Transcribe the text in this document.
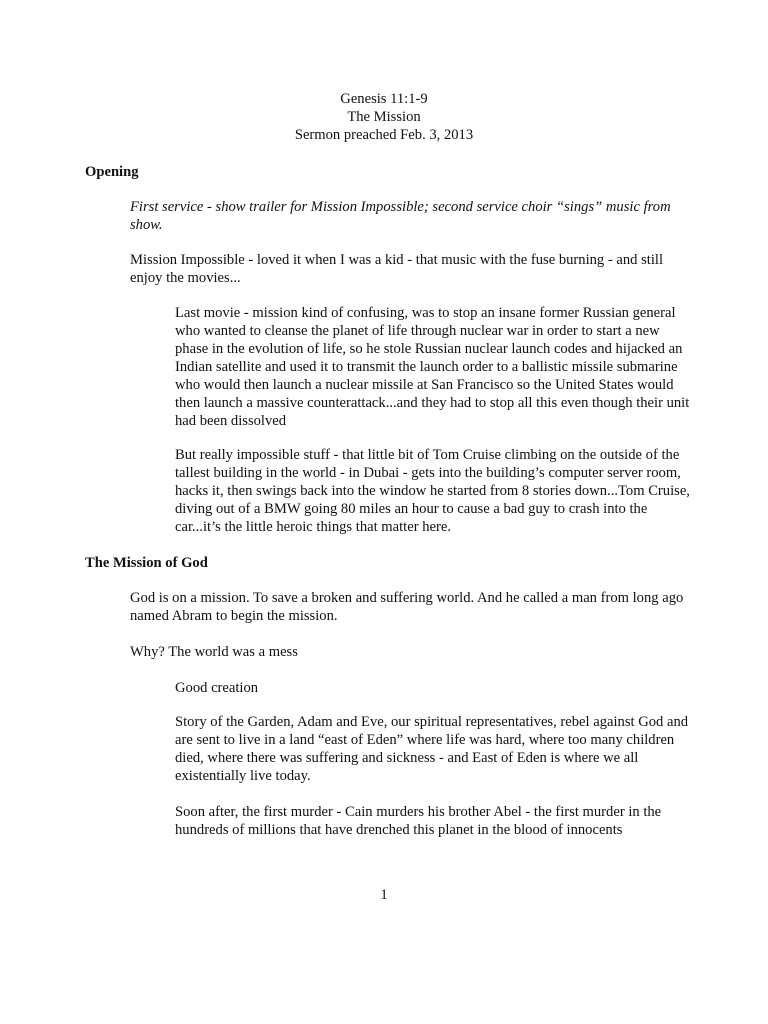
Genesis 11:1-9
The Mission
Sermon preached Feb. 3, 2013
Opening
First service - show trailer for Mission Impossible; second service choir “sings” music from show.
Mission Impossible - loved it when I was a kid - that music with the fuse burning - and still enjoy the movies...
Last movie - mission kind of confusing, was to stop an insane former Russian general who wanted to cleanse the planet of life through nuclear war in order to start a new phase in the evolution of life, so he stole Russian nuclear launch codes and hijacked an Indian satellite and used it to transmit the launch order to a ballistic missile submarine who would then launch a nuclear missile at San Francisco so the United States would then launch a massive counterattack...and they had to stop all this even though their unit had been dissolved
But really impossible stuff - that little bit of Tom Cruise climbing on the outside of the tallest building in the world - in Dubai - gets into the building’s computer server room, hacks it, then swings back into the window he started from 8 stories down...Tom Cruise, diving out of a BMW going 80 miles an hour to cause a bad guy to crash into the car...it’s the little heroic things that matter here.
The Mission of God
God is on a mission. To save a broken and suffering world. And he called a man from long ago named Abram to begin the mission.
Why? The world was a mess
Good creation
Story of the Garden, Adam and Eve, our spiritual representatives, rebel against God and are sent to live in a land “east of Eden” where life was hard, where too many children died, where there was suffering and sickness - and East of Eden is where we all existentially live today.
Soon after, the first murder - Cain murders his brother Abel - the first murder in the hundreds of millions that have drenched this planet in the blood of innocents
1
